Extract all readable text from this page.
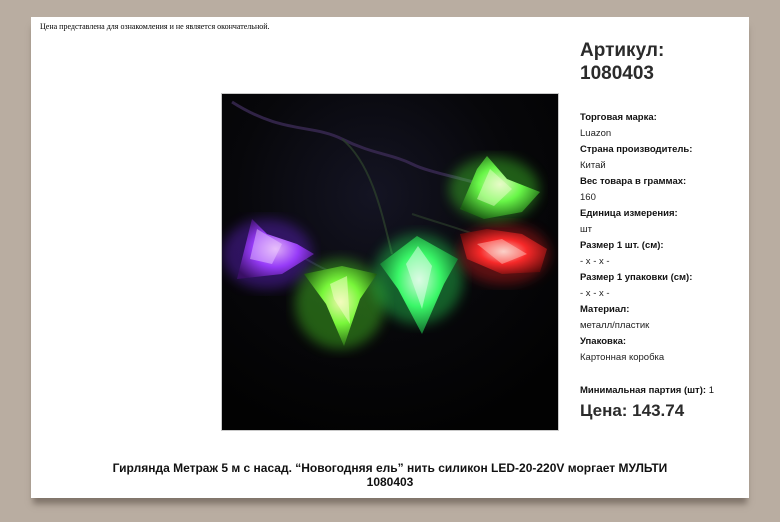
Цена представлена для ознакомления и не является окончательной.
Артикул:
1080403
Торговая марка:
Luazon
Страна производитель:
Китай
Вес товара в граммах:
160
Единица измерения:
шт
Размер 1 шт. (см):
- х - х -
Размер 1 упаковки (см):
- х - х -
Материал:
металл/пластик
Упаковка:
Картонная коробка
Минимальная партия (шт): 1
Цена: 143.74
Гирлянда Метраж 5 м с насад. “Новогодняя ель” нить силикон LED-20-220V моргает МУЛЬТИ
1080403
